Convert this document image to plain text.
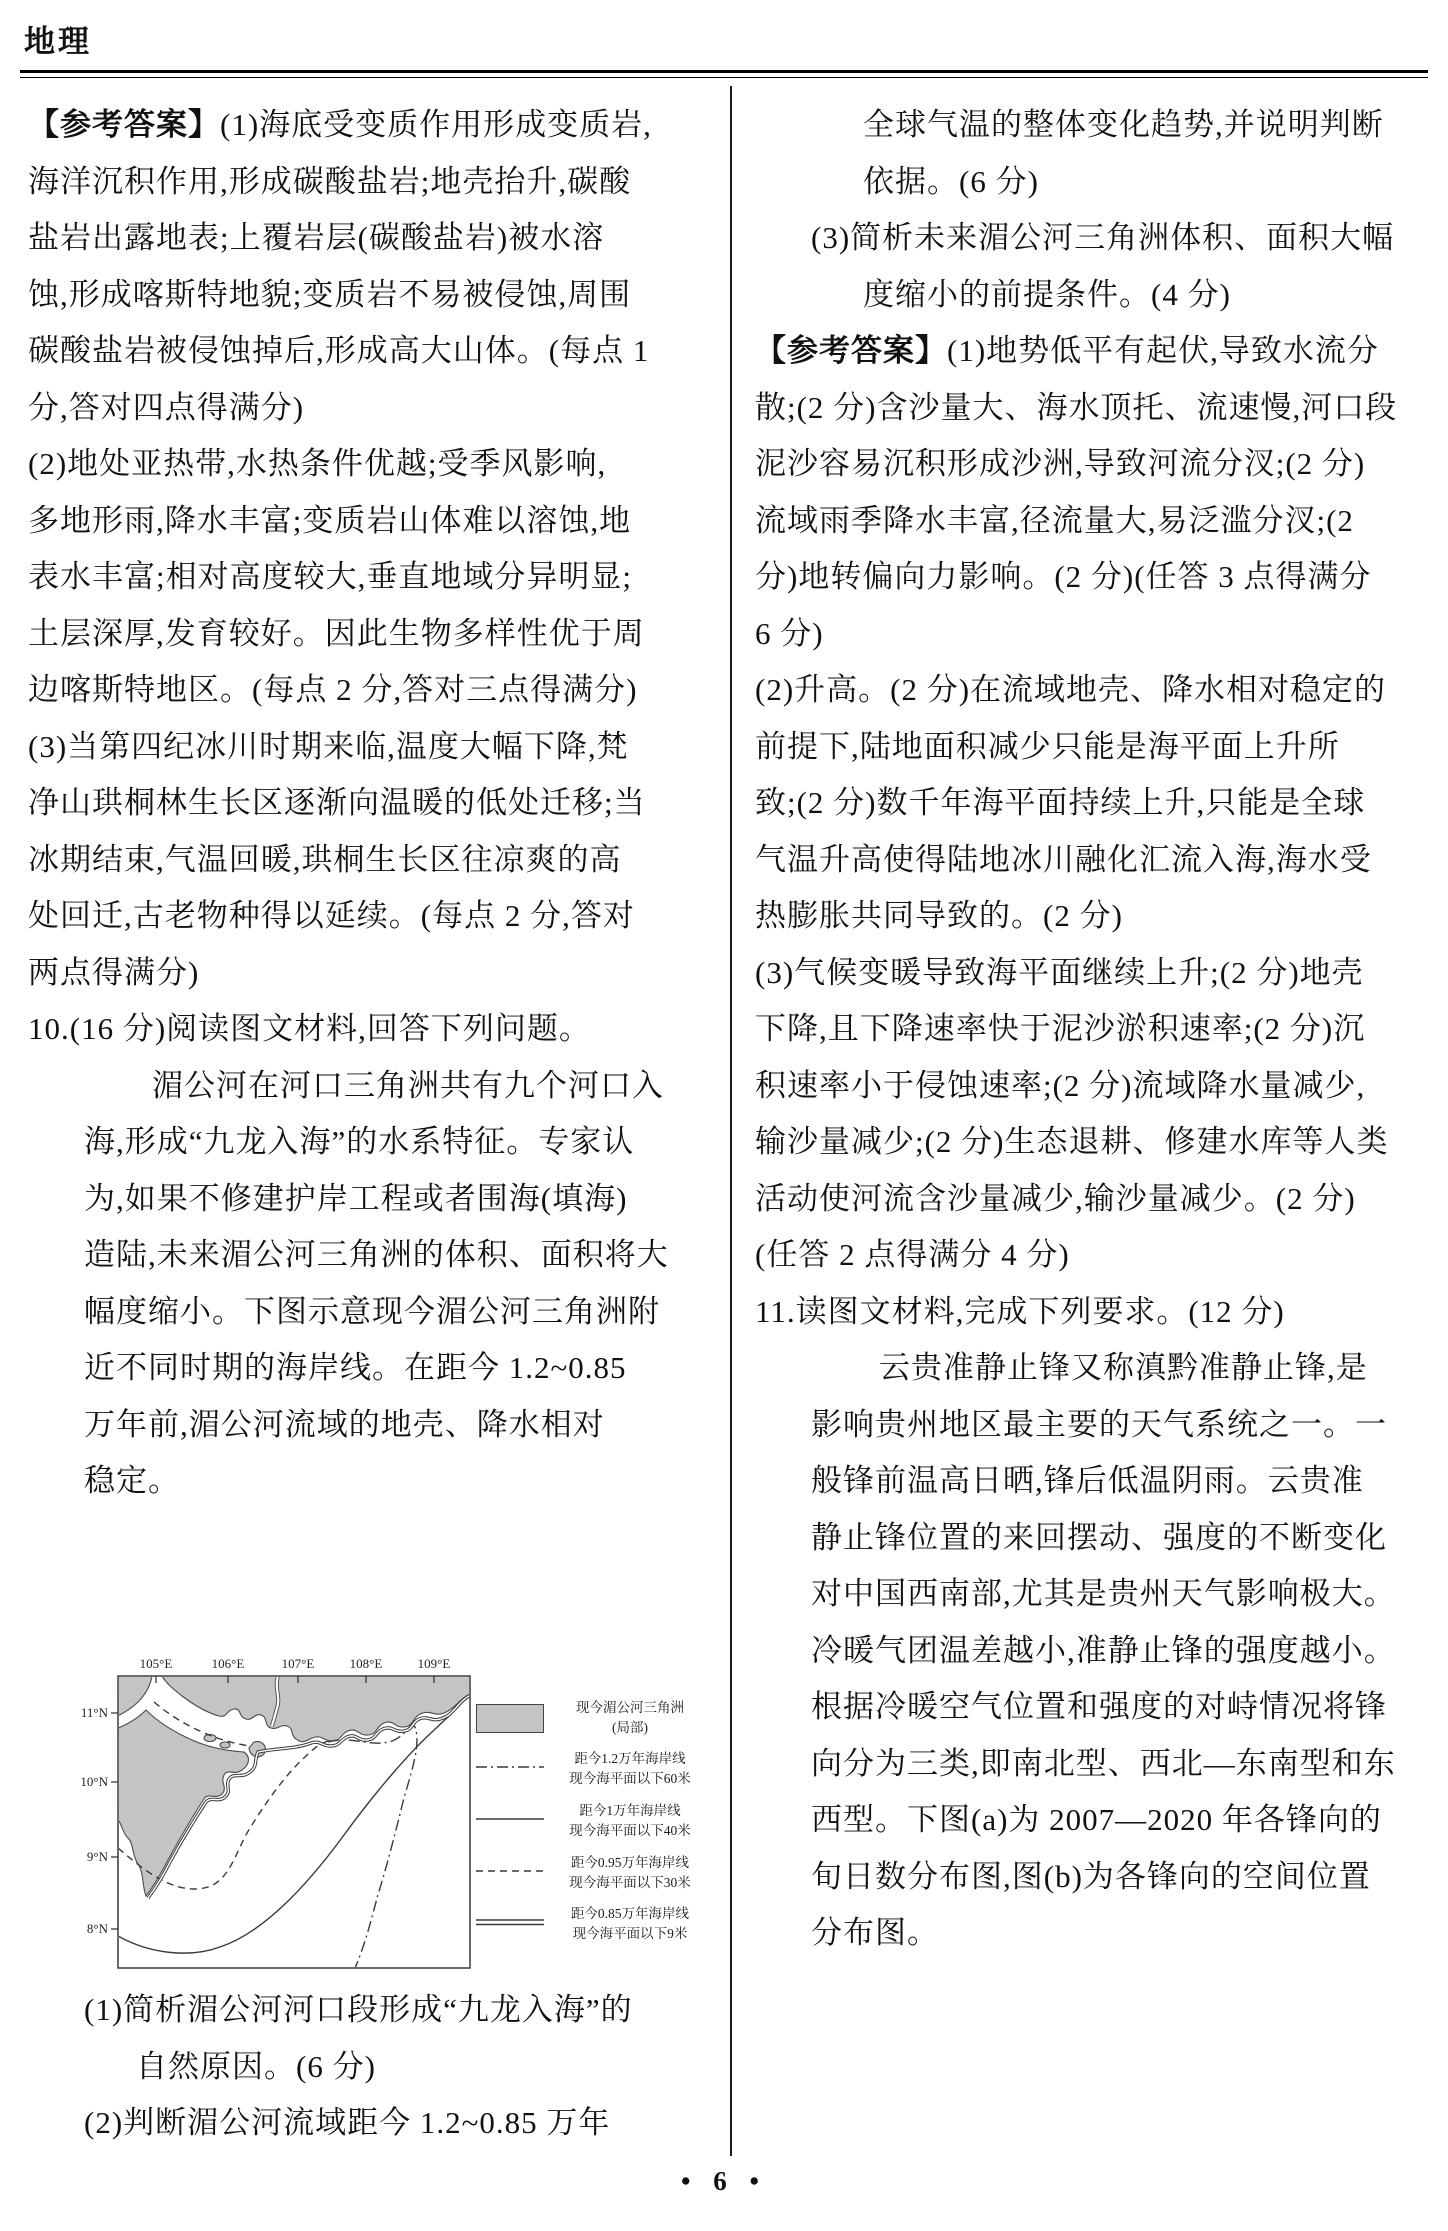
地理
【参考答案】(1)海底受变质作用形成变质岩,
海洋沉积作用,形成碳酸盐岩;地壳抬升,碳酸
盐岩出露地表;上覆岩层(碳酸盐岩)被水溶
蚀,形成喀斯特地貌;变质岩不易被侵蚀,周围
碳酸盐岩被侵蚀掉后,形成高大山体。(每点 1
分,答对四点得满分)
(2)地处亚热带,水热条件优越;受季风影响,
多地形雨,降水丰富;变质岩山体难以溶蚀,地
表水丰富;相对高度较大,垂直地域分异明显;
土层深厚,发育较好。因此生物多样性优于周
边喀斯特地区。(每点 2 分,答对三点得满分)
(3)当第四纪冰川时期来临,温度大幅下降,梵
净山珙桐林生长区逐渐向温暖的低处迁移;当
冰期结束,气温回暖,珙桐生长区往凉爽的高
处回迁,古老物种得以延续。(每点 2 分,答对
两点得满分)
10.(16 分)阅读图文材料,回答下列问题。
湄公河在河口三角洲共有九个河口入
海,形成“九龙入海”的水系特征。专家认
为,如果不修建护岸工程或者围海(填海)
造陆,未来湄公河三角洲的体积、面积将大
幅度缩小。下图示意现今湄公河三角洲附
近不同时期的海岸线。在距今 1.2~0.85
万年前,湄公河流域的地壳、降水相对
稳定。
105°E	106°E	107°E	108°E	109°E
11°N
10°N
9°N
8°N
现今湄公河三角洲
(局部)
距今1.2万年海岸线
现今海平面以下60米
距今1万年海岸线
现今海平面以下40米
距今0.95万年海岸线
现今海平面以下30米
距今0.85万年海岸线
现今海平面以下9米
(1)简析湄公河河口段形成“九龙入海”的
自然原因。(6 分)
(2)判断湄公河流域距今 1.2~0.85 万年
全球气温的整体变化趋势,并说明判断
依据。(6 分)
(3)简析未来湄公河三角洲体积、面积大幅
度缩小的前提条件。(4 分)
【参考答案】(1)地势低平有起伏,导致水流分
散;(2 分)含沙量大、海水顶托、流速慢,河口段
泥沙容易沉积形成沙洲,导致河流分汊;(2 分)
流域雨季降水丰富,径流量大,易泛滥分汊;(2
分)地转偏向力影响。(2 分)(任答 3 点得满分
6 分)
(2)升高。(2 分)在流域地壳、降水相对稳定的
前提下,陆地面积减少只能是海平面上升所
致;(2 分)数千年海平面持续上升,只能是全球
气温升高使得陆地冰川融化汇流入海,海水受
热膨胀共同导致的。(2 分)
(3)气候变暖导致海平面继续上升;(2 分)地壳
下降,且下降速率快于泥沙淤积速率;(2 分)沉
积速率小于侵蚀速率;(2 分)流域降水量减少,
输沙量减少;(2 分)生态退耕、修建水库等人类
活动使河流含沙量减少,输沙量减少。(2 分)
(任答 2 点得满分 4 分)
11.读图文材料,完成下列要求。(12 分)
云贵准静止锋又称滇黔准静止锋,是
影响贵州地区最主要的天气系统之一。一
般锋前温高日晒,锋后低温阴雨。云贵准
静止锋位置的来回摆动、强度的不断变化
对中国西南部,尤其是贵州天气影响极大。
冷暖气团温差越小,准静止锋的强度越小。
根据冷暖空气位置和强度的对峙情况将锋
向分为三类,即南北型、西北—东南型和东
西型。下图(a)为 2007—2020 年各锋向的
旬日数分布图,图(b)为各锋向的空间位置
分布图。
• 6 •
